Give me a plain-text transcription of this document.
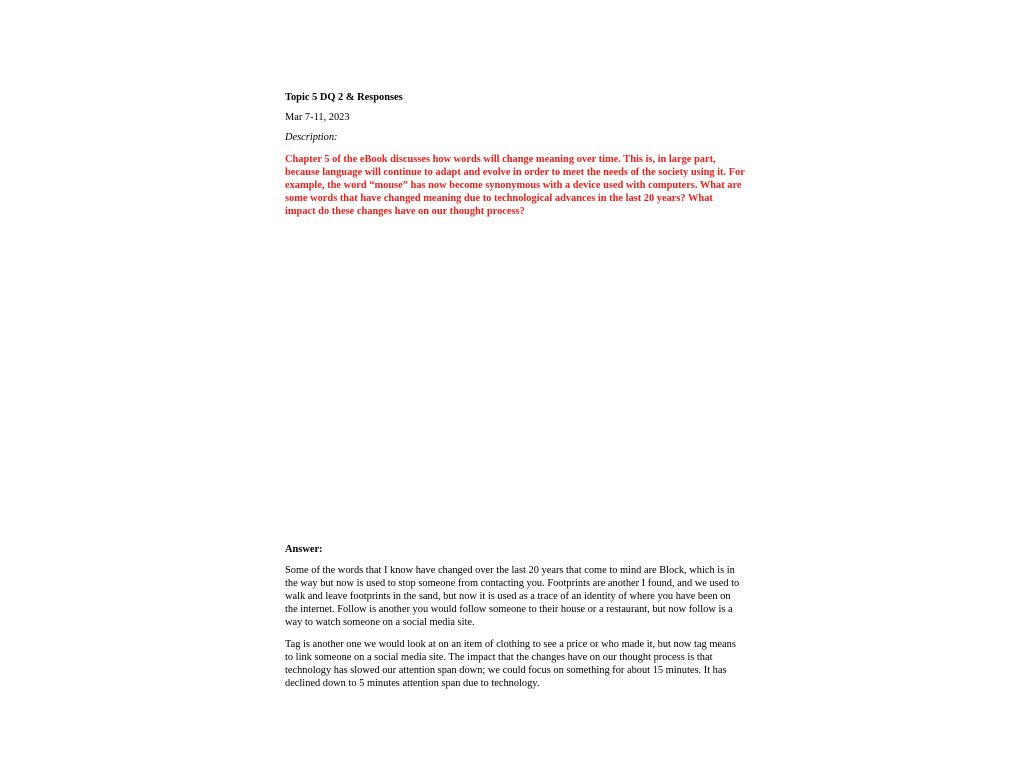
Topic 5 DQ 2 & Responses

Mar 7-11, 2023

Description:

Chapter 5 of the eBook discusses how words will change meaning over time. This is, in large part, because language will continue to adapt and evolve in order to meet the needs of the society using it. For example, the word “mouse” has now become synonymous with a device used with computers. What are some words that have changed meaning due to technological advances in the last 20 years? What impact do these changes have on our thought process?

Answer:

Some of the words that I know have changed over the last 20 years that come to mind are Block, which is in the way but now is used to stop someone from contacting you. Footprints are another I found, and we used to walk and leave footprints in the sand, but now it is used as a trace of an identity of where you have been on the internet. Follow is another you would follow someone to their house or a restaurant, but now follow is a way to watch someone on a social media site.

Tag is another one we would look at on an item of clothing to see a price or who made it, but now tag means to link someone on a social media site. The impact that the changes have on our thought process is that technology has slowed our attention span down; we could focus on something for about 15 minutes. It has declined down to 5 minutes attention span due to technology.
